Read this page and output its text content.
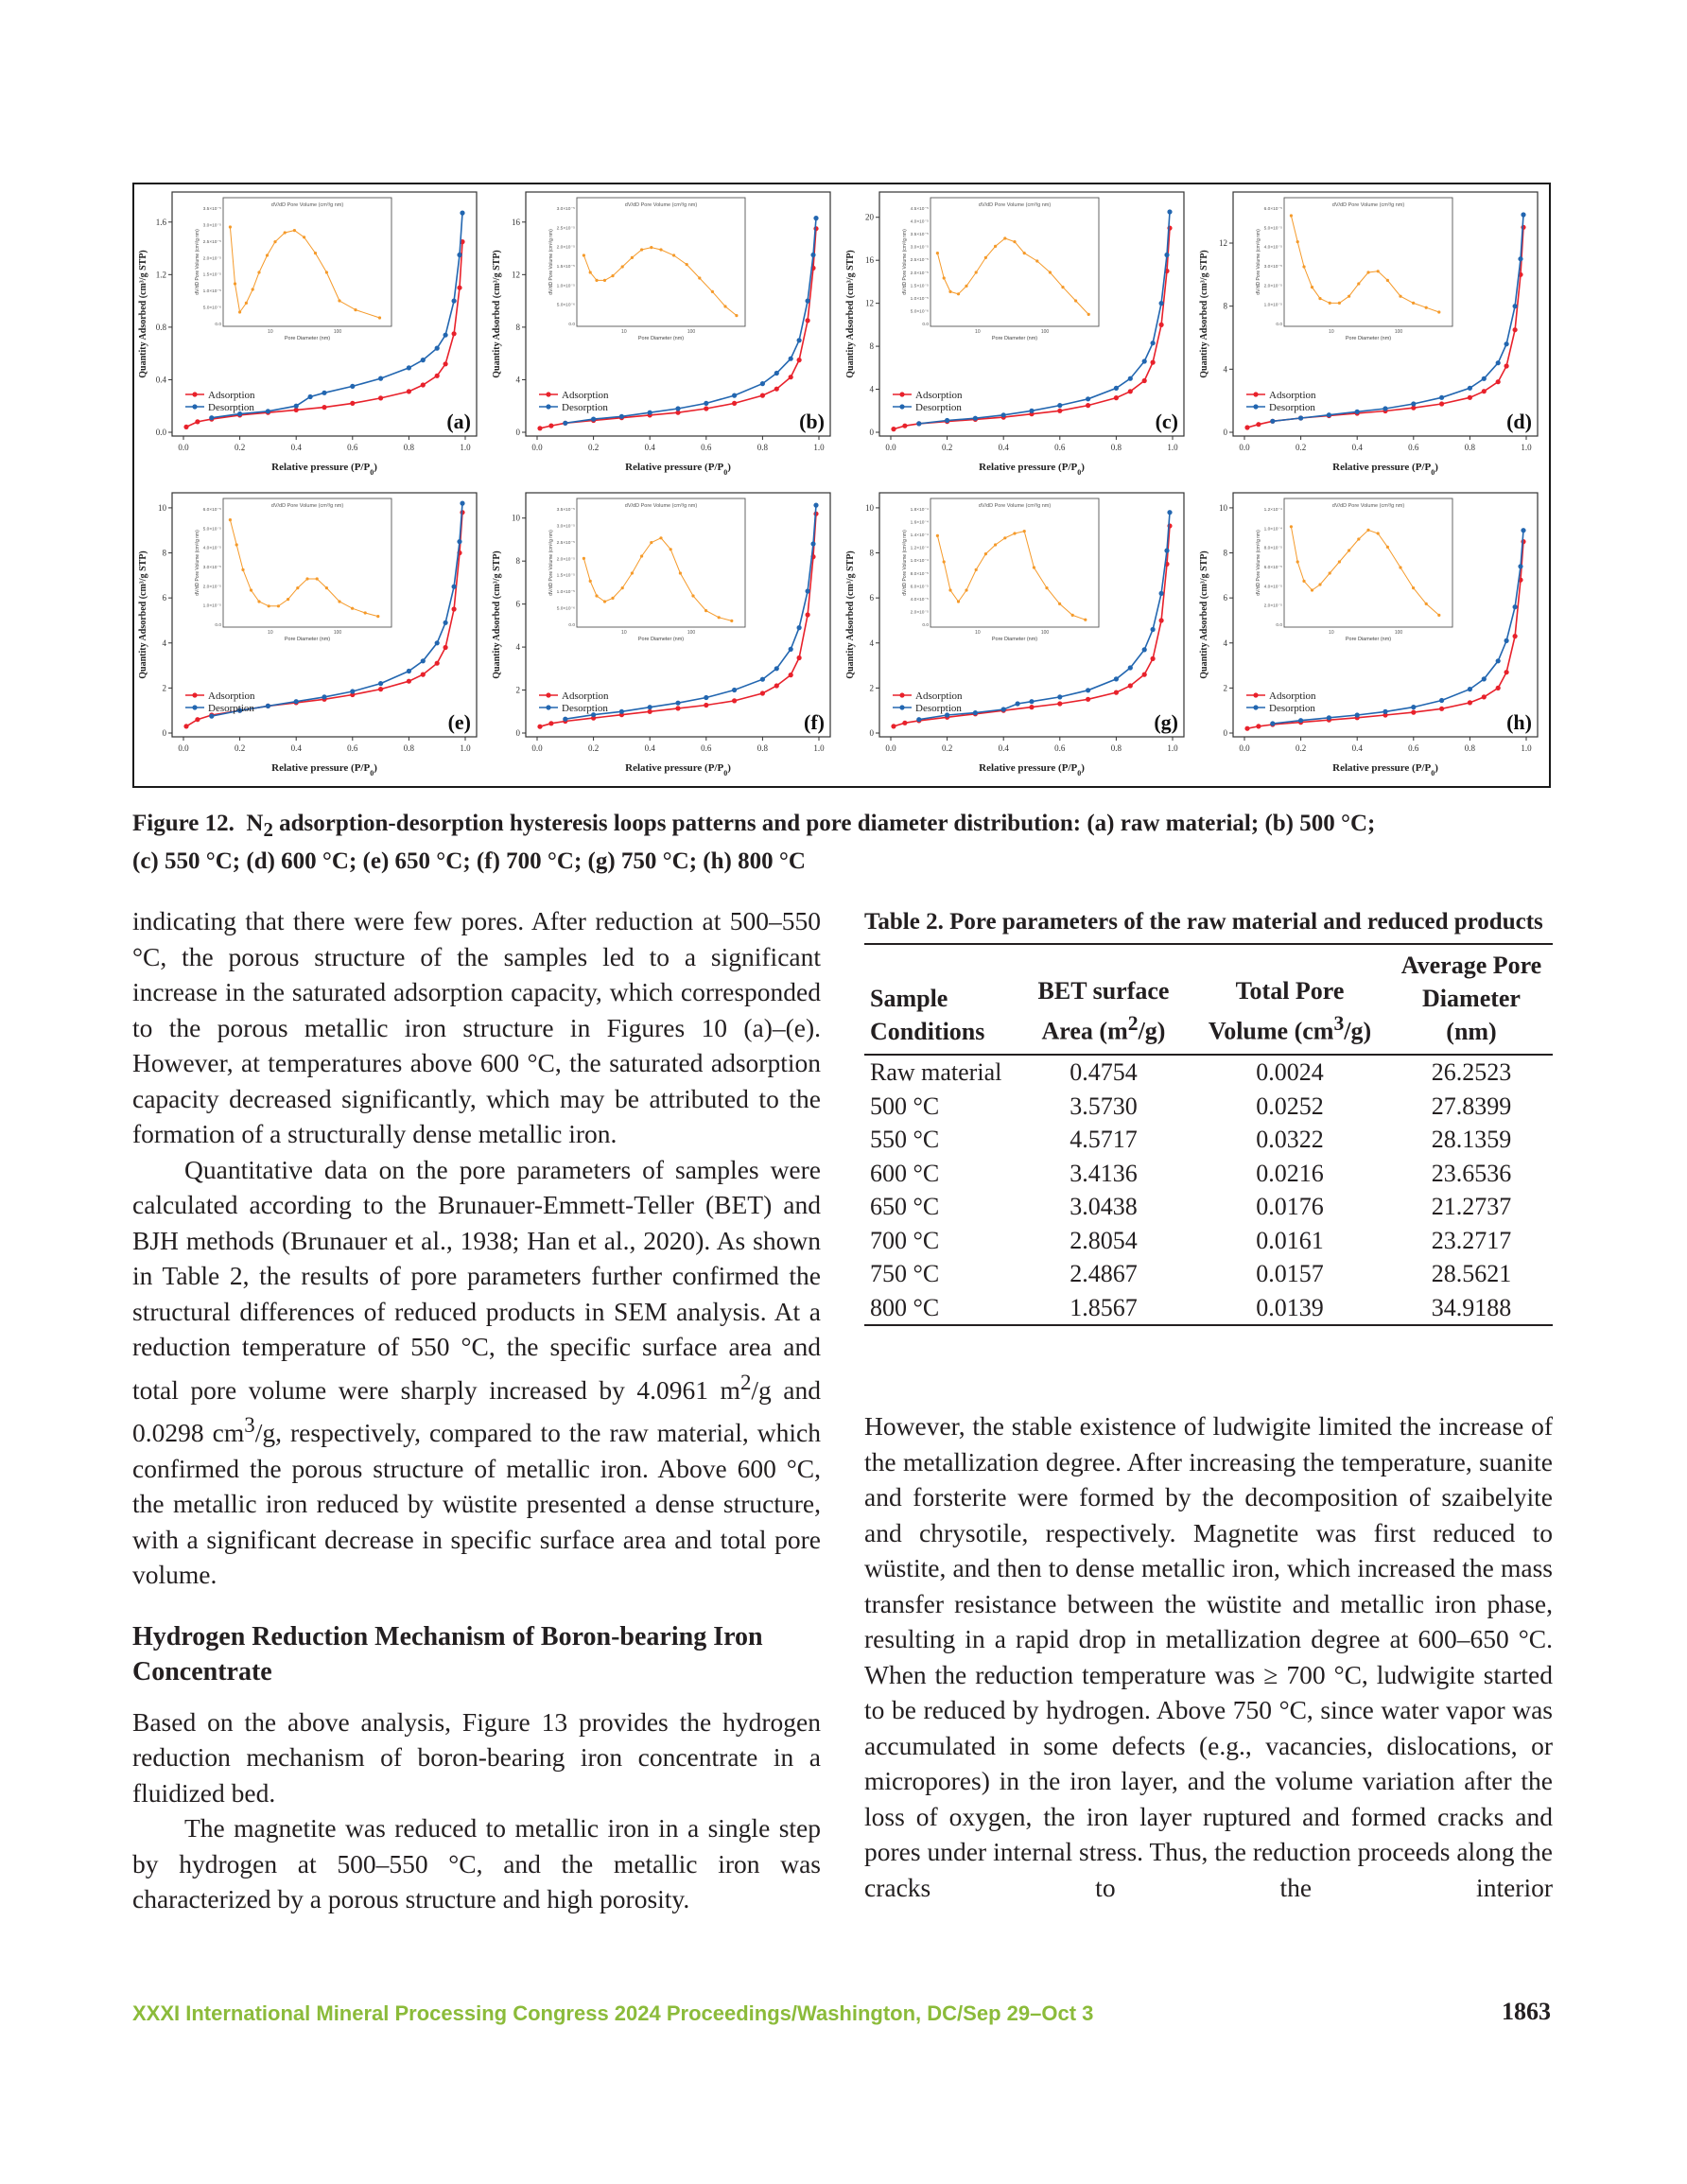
0.0	0.2	0.4	0.6	0.8	1.0
0.0
0.4
0.8
1.2
1.6
Relative pressure $(P/P_0)$
Quantity Adsorbed (cm³/g STP)
Adsorption
Desorption
(a)
dV/dD Pore Volume (cm³/g nm)
Pore Diameter (nm)
dV/dD Pore Volume (cm³/g nm)
0.0
5.0×10⁻⁶
1.0×10⁻⁵
1.5×10⁻⁵
2.0×10⁻⁵
2.5×10⁻⁵
3.0×10⁻⁵
3.5×10⁻⁵
10	100
0.0	0.2	0.4	0.6	0.8	1.0
0
4
8
12
16
Relative pressure $(P/P_0)$
Quantity Adsorbed (cm³/g STP)
Adsorption
Desorption
(b)
dV/dD Pore Volume (cm³/g nm)
Pore Diameter (nm)
dV/dD Pore Volume (cm³/g nm)
0.0
5.0×10⁻⁶
1.0×10⁻⁵
1.5×10⁻⁵
2.0×10⁻⁵
2.5×10⁻⁵
3.0×10⁻⁵
10	100
0.0	0.2	0.4	0.6	0.8	1.0
0
4
8
12
16
20
Relative pressure $(P/P_0)$
Quantity Adsorbed (cm³/g STP)
Adsorption
Desorption
(c)
dV/dD Pore Volume (cm³/g nm)
Pore Diameter (nm)
dV/dD Pore Volume (cm³/g nm)
0.0
5.0×10⁻⁶
1.0×10⁻⁵
1.5×10⁻⁵
2.0×10⁻⁵
2.5×10⁻⁵
3.0×10⁻⁵
3.5×10⁻⁵
4.0×10⁻⁵
4.5×10⁻⁵
10	100
0.0	0.2	0.4	0.6	0.8	1.0
0
4
8
12
Relative pressure $(P/P_0)$
Quantity Adsorbed (cm³/g STP)
Adsorption
Desorption
(d)
dV/dD Pore Volume (cm³/g nm)
Pore Diameter (nm)
dV/dD Pore Volume (cm³/g nm)
0.0
1.0×10⁻⁵
2.0×10⁻⁵
3.0×10⁻⁵
4.0×10⁻⁵
5.0×10⁻⁵
6.0×10⁻⁵
10	100
0.0	0.2	0.4	0.6	0.8	1.0
0
2
4
6
8
10
Relative pressure $(P/P_0)$
Quantity Adsorbed (cm³/g STP)
Adsorption
Desorption
(e)
dV/dD Pore Volume (cm³/g nm)
Pore Diameter (nm)
dV/dD Pore Volume (cm³/g nm)
0.0
1.0×10⁻⁵
2.0×10⁻⁵
3.0×10⁻⁵
4.0×10⁻⁵
5.0×10⁻⁵
6.0×10⁻⁵
10	100
0.0	0.2	0.4	0.6	0.8	1.0
0
2
4
6
8
10
Relative pressure $(P/P_0)$
Quantity Adsorbed (cm³/g STP)
Adsorption
Desorption
(f)
dV/dD Pore Volume (cm³/g nm)
Pore Diameter (nm)
dV/dD Pore Volume (cm³/g nm)
0.0
5.0×10⁻⁶
1.0×10⁻⁵
1.5×10⁻⁵
2.0×10⁻⁵
2.5×10⁻⁵
3.0×10⁻⁵
3.5×10⁻⁵
10	100
0.0	0.2	0.4	0.6	0.8	1.0
0
2
4
6
8
10
Relative pressure $(P/P_0)$
Quantity Adsorbed (cm³/g STP)
Adsorption
Desorption
(g)
dV/dD Pore Volume (cm³/g nm)
Pore Diameter (nm)
dV/dD Pore Volume (cm³/g nm)
0.0
2.0×10⁻⁵
4.0×10⁻⁵
6.0×10⁻⁵
8.0×10⁻⁵
1.0×10⁻⁴
1.2×10⁻⁴
1.4×10⁻⁴
1.6×10⁻⁴
1.8×10⁻⁴
10	100
0.0	0.2	0.4	0.6	0.8	1.0
0
2
4
6
8
10
Relative pressure $(P/P_0)$
Quantity Adsorbed (cm³/g STP)
Adsorption
Desorption
(h)
dV/dD Pore Volume (cm³/g nm)
Pore Diameter (nm)
dV/dD Pore Volume (cm³/g nm)
0.0
2.0×10⁻⁵
4.0×10⁻⁵
6.0×10⁻⁵
8.0×10⁻⁵
1.0×10⁻⁴
1.2×10⁻⁴
10	100
Figure 12. $N_2$ adsorption-desorption hysteresis loops patterns and pore diameter distribution: (a) raw material; (b) 500 °C;
(c) 550 °C; (d) 600 °C; (e) 650 °C; (f) 700 °C; (g) 750 °C; (h) 800 °C

indicating that there were few pores. After reduction at 500–550 °C, the porous structure of the samples led to a significant increase in the saturated adsorption capacity, which corresponded to the porous metallic iron structure in Figures 10 (a)–(e). However, at temperatures above 600 °C, the saturated adsorption capacity decreased significantly, which may be attributed to the formation of a structurally dense metallic iron.

Quantitative data on the pore parameters of samples were calculated according to the Brunauer-Emmett-Teller (BET) and BJH methods (Brunauer et al., 1938; Han et al., 2020). As shown in Table 2, the results of pore parameters further confirmed the structural differences of reduced products in SEM analysis. At a reduction temperature of 550 °C, the specific surface area and total pore volume were sharply increased by 4.0961 $m^2/g$ and 0.0298 $cm^3/g$, respectively, compared to the raw material, which confirmed the porous structure of metallic iron. Above 600 °C, the metallic iron reduced by wüstite presented a dense structure, with a significant decrease in specific surface area and total pore volume.

Hydrogen Reduction Mechanism of Boron-bearing Iron Concentrate

Based on the above analysis, Figure 13 provides the hydrogen reduction mechanism of boron-bearing iron concentrate in a fluidized bed.

The magnetite was reduced to metallic iron in a single step by hydrogen at 500–550 °C, and the metallic iron was characterized by a porous structure and high porosity.

Table 2. Pore parameters of the raw material and reduced products
Sample Conditions	BET surface Area $(m^2/g)$	Total Pore Volume $(cm^3/g)$	Average Pore Diameter (nm)
Raw material	0.4754	0.0024	26.2523
500 °C	3.5730	0.0252	27.8399
550 °C	4.5717	0.0322	28.1359
600 °C	3.4136	0.0216	23.6536
650 °C	3.0438	0.0176	21.2737
700 °C	2.8054	0.0161	23.2717
750 °C	2.4867	0.0157	28.5621
800 °C	1.8567	0.0139	34.9188

However, the stable existence of ludwigite limited the increase of the metallization degree. After increasing the temperature, suanite and forsterite were formed by the decomposition of szaibelyite and chrysotile, respectively. Magnetite was first reduced to wüstite, and then to dense metallic iron, which increased the mass transfer resistance between the wüstite and metallic iron phase, resulting in a rapid drop in metallization degree at 600–650 °C. When the reduction temperature was ≥ 700 °C, ludwigite started to be reduced by hydrogen. Above 750 °C, since water vapor was accumulated in some defects (e.g., vacancies, dislocations, or micropores) in the iron layer, and the volume variation after the loss of oxygen, the iron layer ruptured and formed cracks and pores under internal stress. Thus, the reduction proceeds along the cracks to the interior

XXXI International Mineral Processing Congress 2024 Proceedings/Washington, DC/Sep 29–Oct 3	1863
